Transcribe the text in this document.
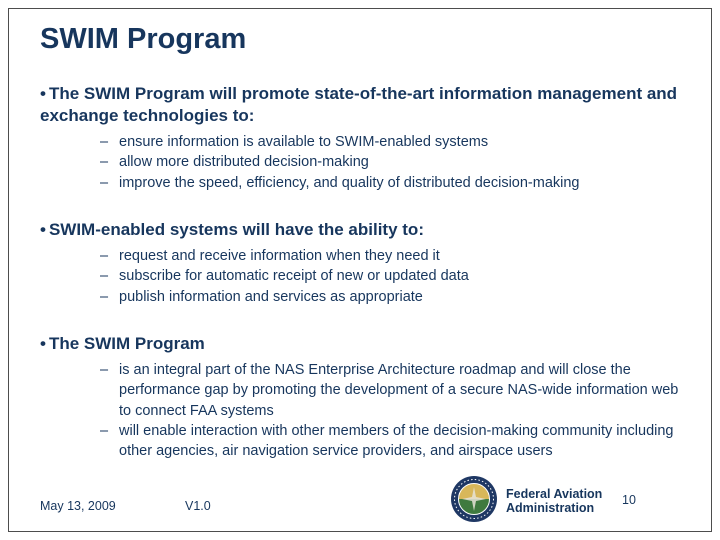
SWIM Program
• The SWIM Program will promote state-of-the-art information management and exchange technologies to:
– ensure information is available to SWIM-enabled systems
– allow more distributed decision-making
– improve the speed, efficiency, and quality of distributed decision-making
• SWIM-enabled systems will have the ability to:
– request and receive information when they need it
– subscribe for automatic receipt of new or updated data
– publish information and services as appropriate
• The SWIM Program
– is an integral part of the NAS Enterprise Architecture roadmap and will close the performance gap by promoting the development of a secure NAS-wide information web to connect FAA systems
– will enable interaction with other members of the decision-making community including other agencies, air navigation service providers, and airspace users
May 13, 2009	V1.0
Federal Aviation
Administration
10
